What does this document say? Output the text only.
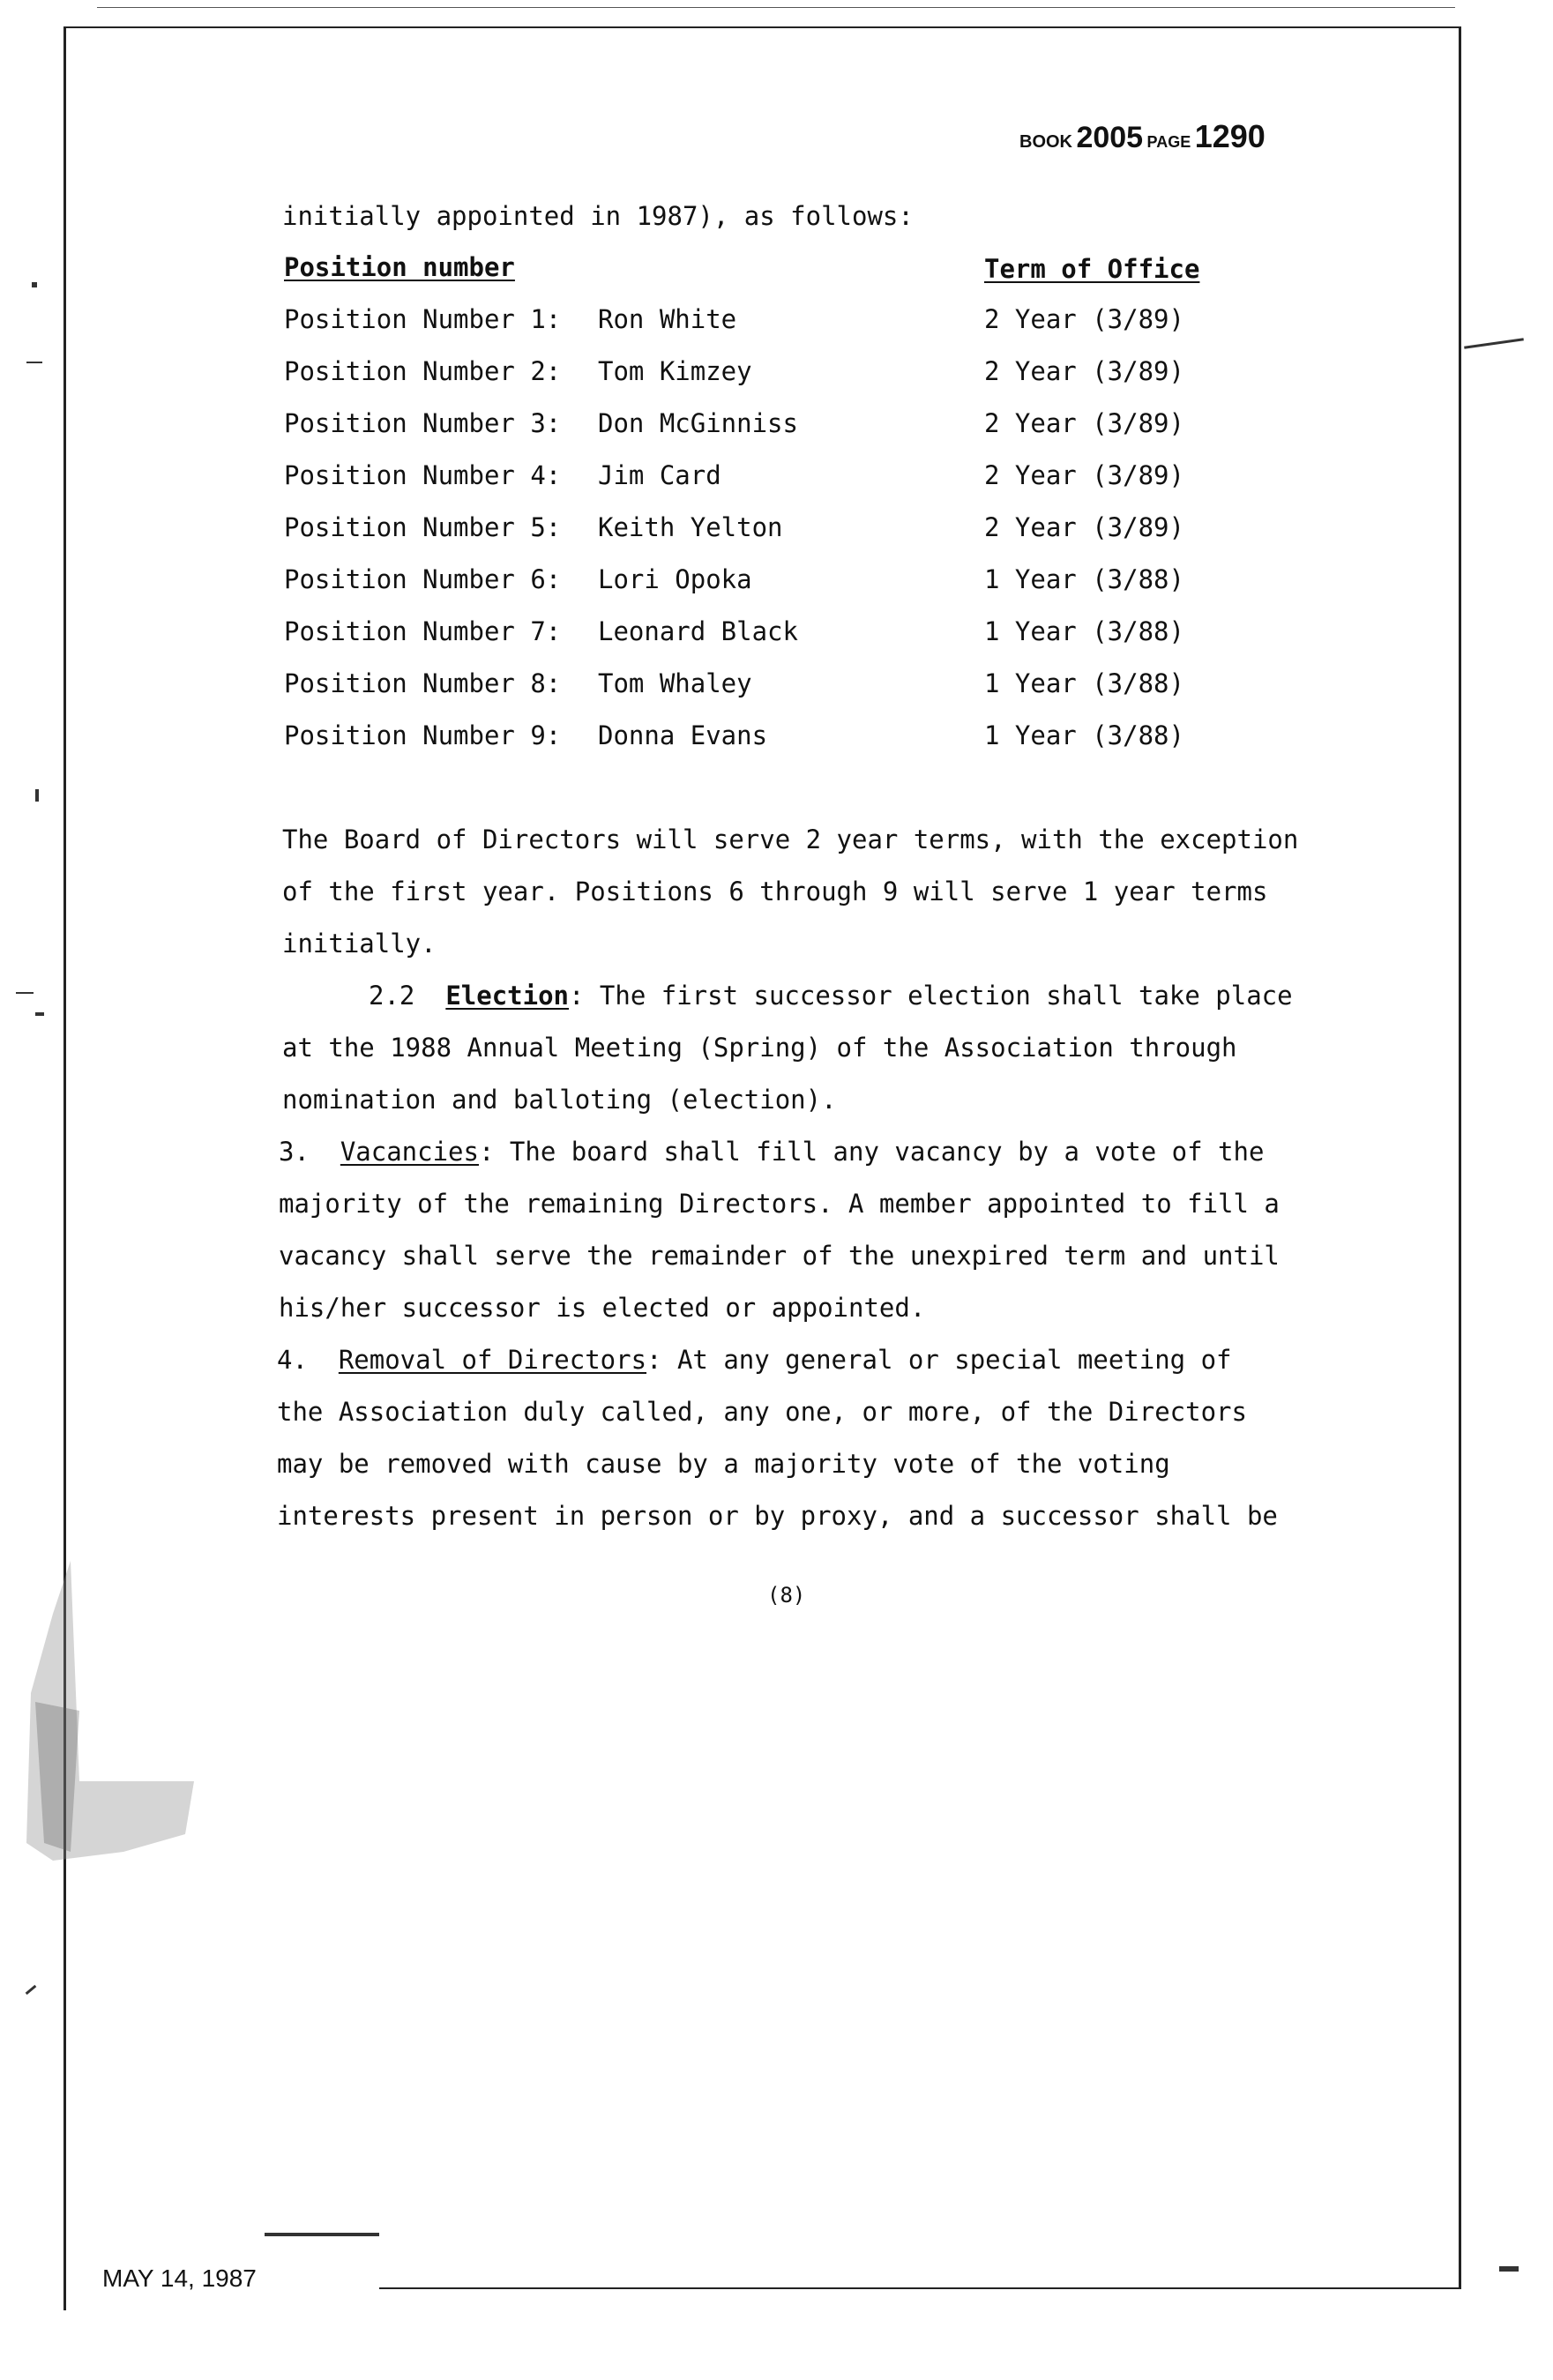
BOOK 2005 PAGE 1290
initially appointed in 1987), as follows:
Position number	Term of Office
Position Number 1: Ron White	2 Year (3/89)
Position Number 2: Tom Kimzey	2 Year (3/89)
Position Number 3: Don McGinniss	2 Year (3/89)
Position Number 4: Jim Card	2 Year (3/89)
Position Number 5: Keith Yelton	2 Year (3/89)
Position Number 6: Lori Opoka	1 Year (3/88)
Position Number 7: Leonard Black	1 Year (3/88)
Position Number 8: Tom Whaley	1 Year (3/88)
Position Number 9: Donna Evans	1 Year (3/88)
The Board of Directors will serve 2 year terms, with the exception
of the first year. Positions 6 through 9 will serve 1 year terms
initially.
2.2 Election: The first successor election shall take place
at the 1988 Annual Meeting (Spring) of the Association through
nomination and balloting (election).
3. Vacancies: The board shall fill any vacancy by a vote of the
majority of the remaining Directors. A member appointed to fill a
vacancy shall serve the remainder of the unexpired term and until
his/her successor is elected or appointed.
4. Removal of Directors: At any general or special meeting of
the Association duly called, any one, or more, of the Directors
may be removed with cause by a majority vote of the voting
interests present in person or by proxy, and a successor shall be
(8)
MAY 14, 1987
